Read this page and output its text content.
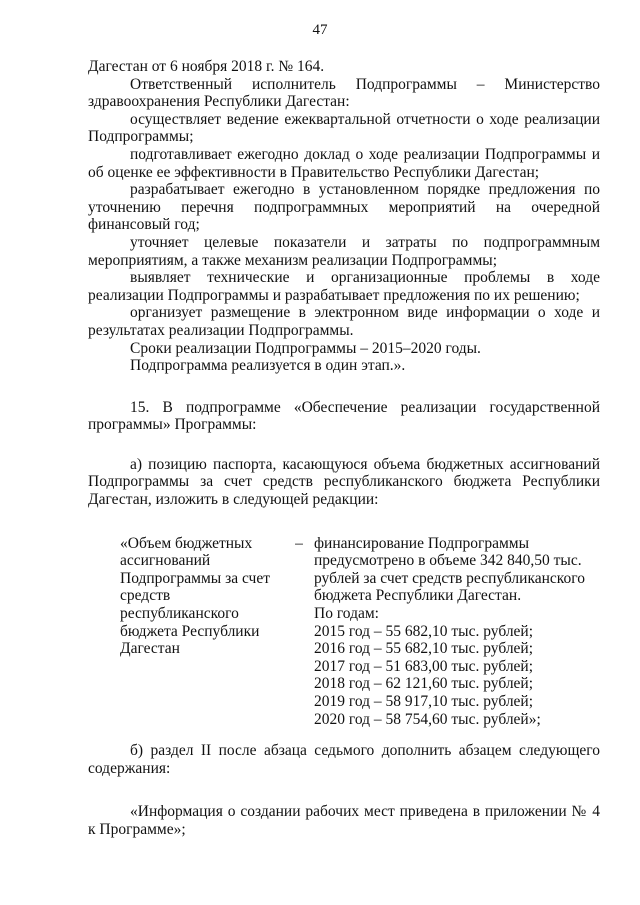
47

Дагестан от 6 ноября 2018 г. № 164.

Ответственный исполнитель Подпрограммы – Министерство здравоохранения Республики Дагестан:

осуществляет ведение ежеквартальной отчетности о ходе реализации Подпрограммы;

подготавливает ежегодно доклад о ходе реализации Подпрограммы и об оценке ее эффективности в Правительство Республики Дагестан;

разрабатывает ежегодно в установленном порядке предложения по уточнению перечня подпрограммных мероприятий на очередной финансовый год;

уточняет целевые показатели и затраты по подпрограммным мероприятиям, а также механизм реализации Подпрограммы;

выявляет технические и организационные проблемы в ходе реализации Подпрограммы и разрабатывает предложения по их решению;

организует размещение в электронном виде информации о ходе и результатах реализации Подпрограммы.

Сроки реализации Подпрограммы – 2015–2020 годы.

Подпрограмма реализуется в один этап.».

15. В подпрограмме «Обеспечение реализации государственной программы» Программы:

а) позицию паспорта, касающуюся объема бюджетных ассигнований Подпрограммы за счет средств республиканского бюджета Республики Дагестан, изложить в следующей редакции:

«Объем бюджетных ассигнований Подпрограммы за счет средств республиканского бюджета Республики Дагестан
– финансирование Подпрограммы предусмотрено в объеме 342 840,50 тыс. рублей за счет средств республиканского бюджета Республики Дагестан.
По годам:
2015 год – 55 682,10 тыс. рублей;
2016 год – 55 682,10 тыс. рублей;
2017 год – 51 683,00 тыс. рублей;
2018 год – 62 121,60 тыс. рублей;
2019 год – 58 917,10 тыс. рублей;
2020 год – 58 754,60 тыс. рублей»;

б) раздел II после абзаца седьмого дополнить абзацем следующего содержания:

«Информация о создании рабочих мест приведена в приложении № 4 к Программе»;
